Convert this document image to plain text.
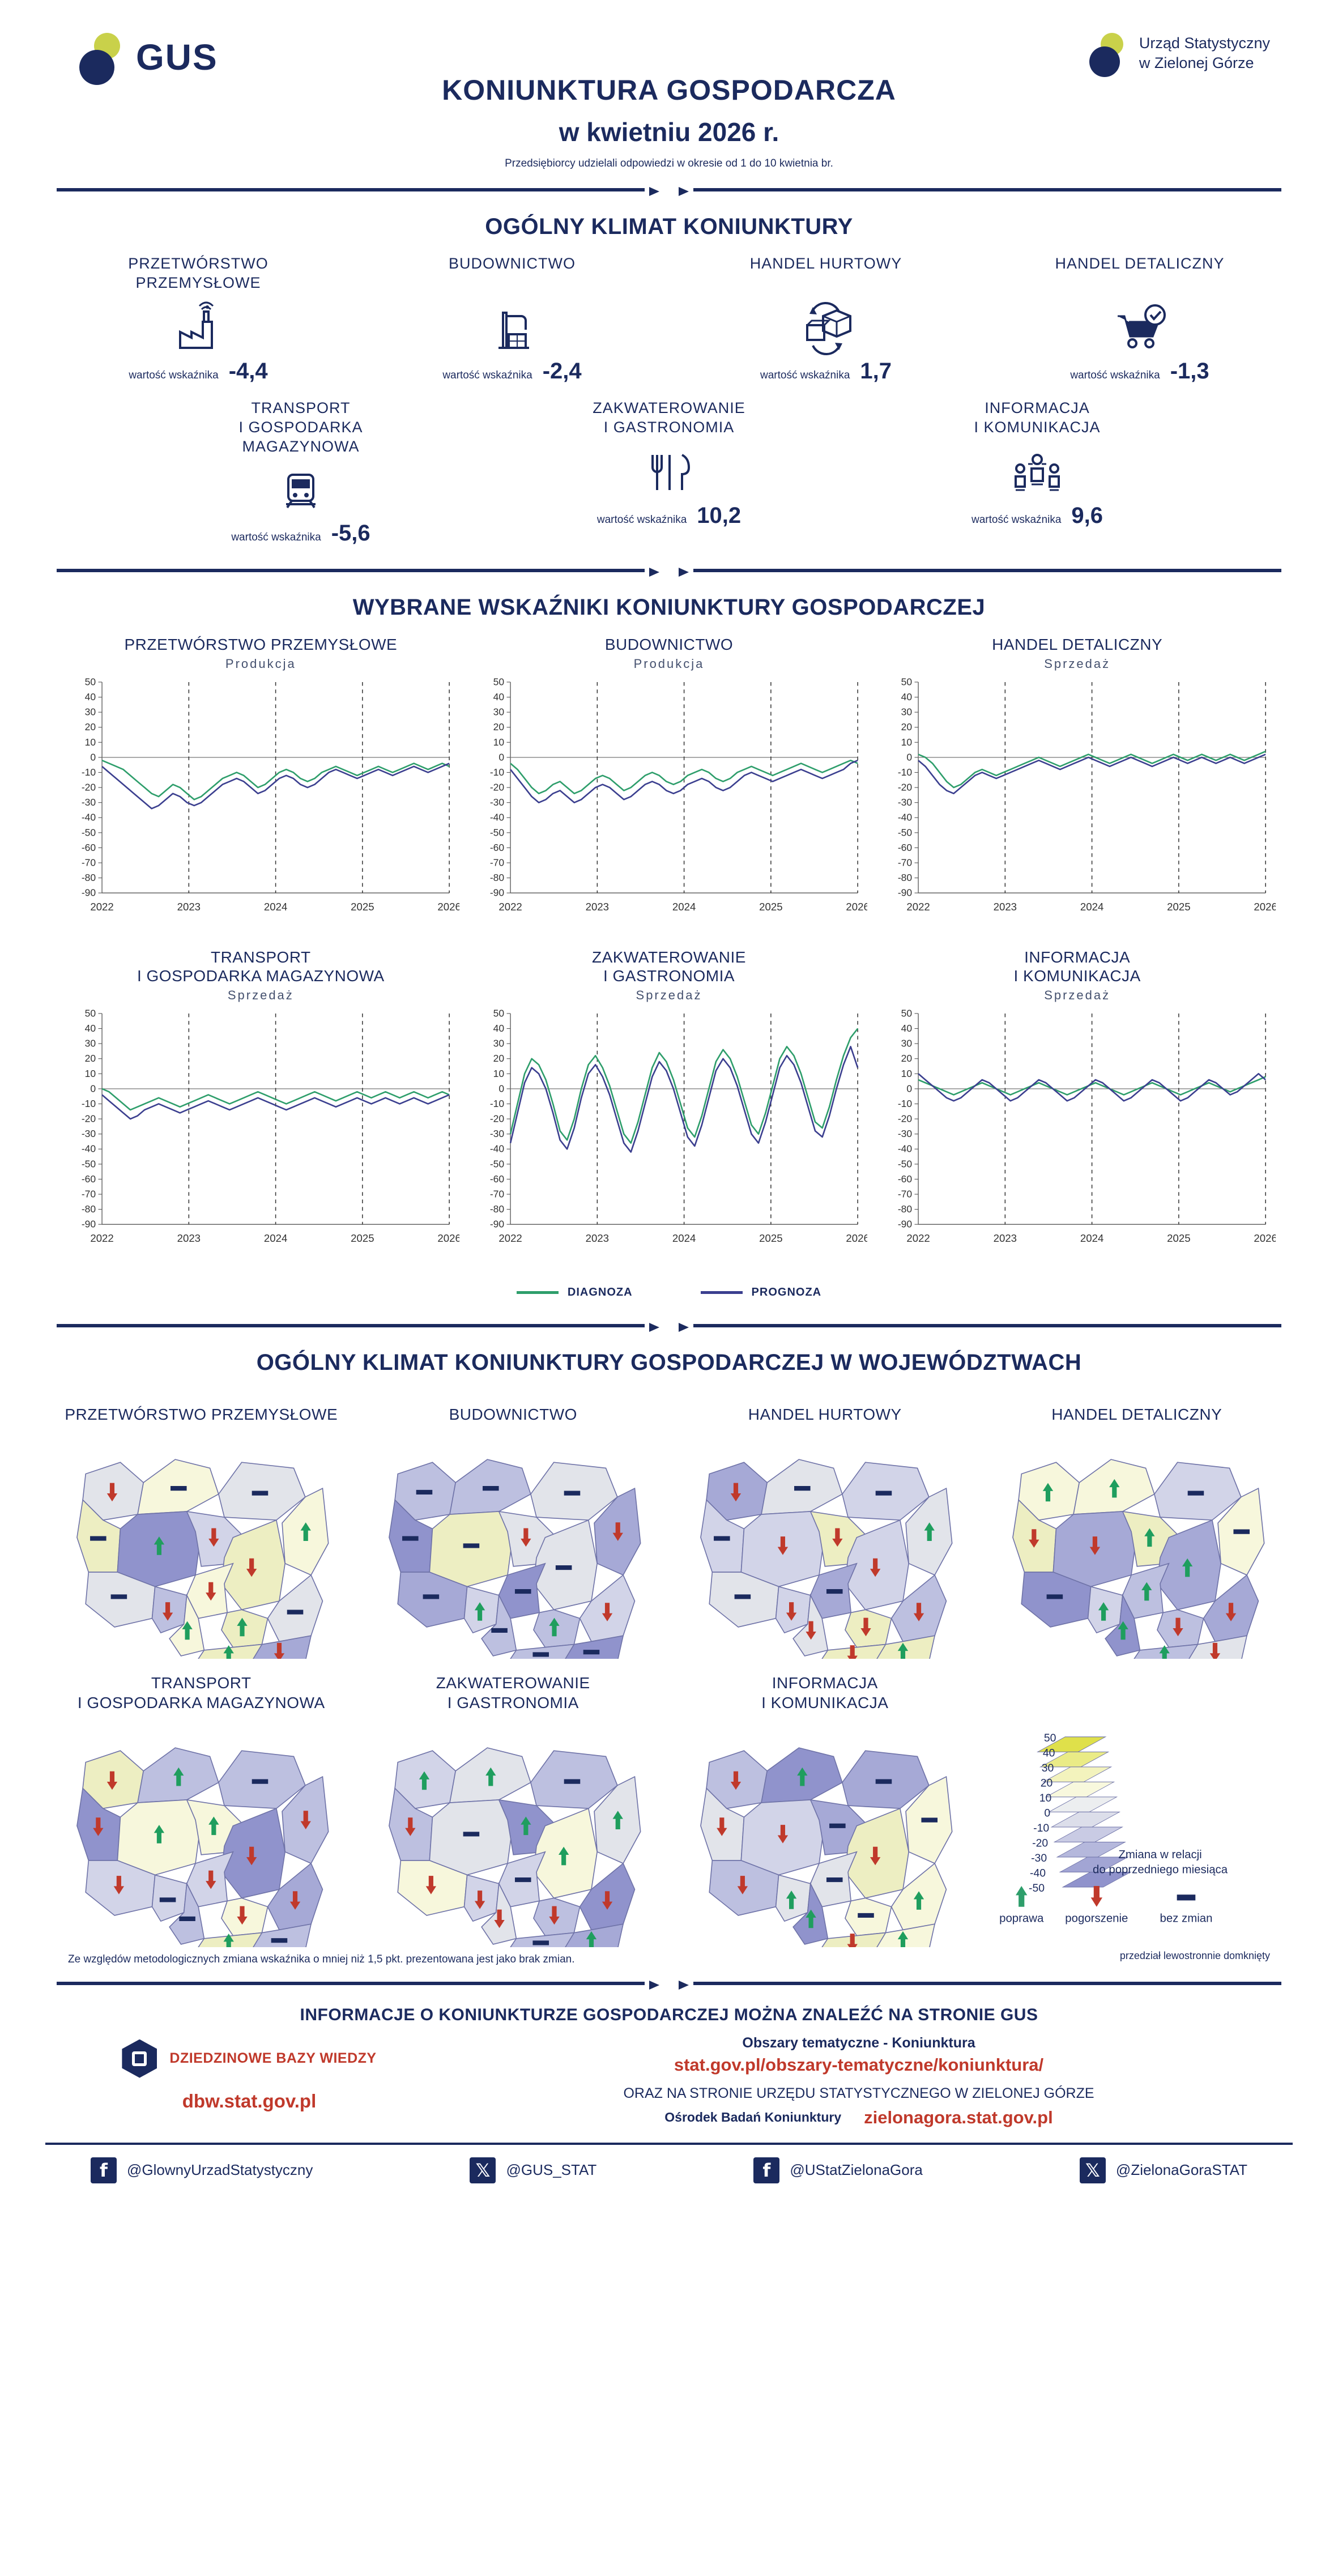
GUS	Urząd Statystyczny
w Zielonej Górze
KONIUNKTURA GOSPODARCZA
w kwietniu 2026 r.
Przedsiębiorcy udzielali odpowiedzi w okresie od 1 do 10 kwietnia br.
OGÓLNY KLIMAT KONIUNKTURY
PRZETWÓRSTWO
PRZEMYSŁOWE
wartość wskaźnika -4,4
BUDOWNICTWO
wartość wskaźnika -2,4
HANDEL HURTOWY
wartość wskaźnika 1,7
HANDEL DETALICZNY
wartość wskaźnika -1,3
TRANSPORT
I GOSPODARKA
MAGAZYNOWA
wartość wskaźnika -5,6
ZAKWATEROWANIE
I GASTRONOMIA
wartość wskaźnika 10,2
INFORMACJA
I KOMUNIKACJA
wartość wskaźnika 9,6
WYBRANE WSKAŹNIKI KONIUNKTURY GOSPODARCZEJ
PRZETWÓRSTWO PRZEMYSŁOWE
Produkcja
50
40
30
20
10
0
-10
-20
-30
-40
-50
-60
-70
-80
-90
2022	2023	2024	2025	2026
BUDOWNICTWO
Produkcja
50
40
30
20
10
0
-10
-20
-30
-40
-50
-60
-70
-80
-90
2022	2023	2024	2025	2026
HANDEL DETALICZNY
Sprzedaż
50
40
30
20
10
0
-10
-20
-30
-40
-50
-60
-70
-80
-90
2022	2023	2024	2025	2026
TRANSPORT
I GOSPODARKA MAGAZYNOWA
Sprzedaż
50
40
30
20
10
0
-10
-20
-30
-40
-50
-60
-70
-80
-90
2022	2023	2024	2025	2026
ZAKWATEROWANIE
I GASTRONOMIA
Sprzedaż
50
40
30
20
10
0
-10
-20
-30
-40
-50
-60
-70
-80
-90
2022	2023	2024	2025	2026
INFORMACJA
I KOMUNIKACJA
Sprzedaż
50
40
30
20
10
0
-10
-20
-30
-40
-50
-60
-70
-80
-90
2022	2023	2024	2025	2026
DIAGNOZA	PROGNOZA
OGÓLNY KLIMAT KONIUNKTURY GOSPODARCZEJ W WOJEWÓDZTWACH
PRZETWÓRSTWO PRZEMYSŁOWE	BUDOWNICTWO	HANDEL HURTOWY	HANDEL DETALICZNY
TRANSPORT
I GOSPODARKA MAGAZYNOWA
ZAKWATEROWANIE
I GASTRONOMIA
INFORMACJA
I KOMUNIKACJA
50
40
30
20
10
0
-10
-20
-30
-40
-50
poprawa pogorszenie	bez zmian
Zmiana w relacji
do poprzedniego miesiąca
Ze względów metodologicznych zmiana wskaźnika o mniej niż 1,5 pkt. prezentowana jest jako brak zmian.	przedział lewostronnie domknięty
INFORMACJE O KONIUNKTURZE GOSPODARCZEJ MOŻNA ZNALEŹĆ NA STRONIE GUS
DZIEDZINOWE BAZY WIEDZY
dbw.stat.gov.pl
Obszary tematyczne - Koniunktura
stat.gov.pl/obszary-tematyczne/koniunktura/
ORAZ NA STRONIE URZĘDU STATYSTYCZNEGO W ZIELONEJ GÓRZE
Ośrodek Badań Koniunktury zielonagora.stat.gov.pl
f	@GlownyUrzadStatystyczny	𝕏	@GUS_STAT	f	@UStatZielonaGora	𝕏	@ZielonaGoraSTAT
